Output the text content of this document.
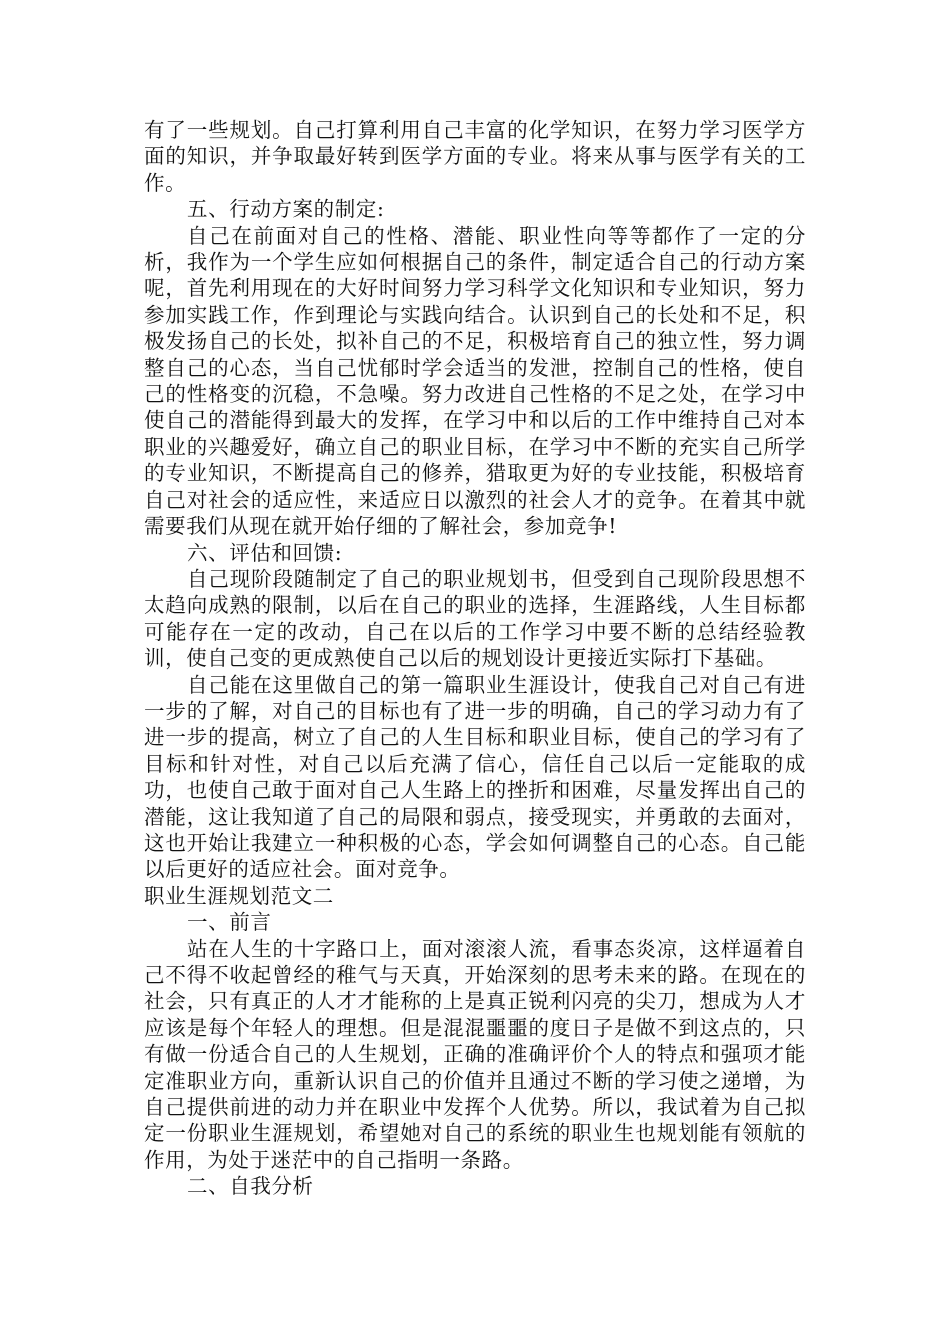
有了一些规划。自己打算利用自己丰富的化学知识，在努力学习医学方面的知识，并争取最好转到医学方面的专业。将来从事与医学有关的工作。

五、行动方案的制定:

自己在前面对自己的性格、潜能、职业性向等等都作了一定的分析，我作为一个学生应如何根据自己的条件，制定适合自己的行动方案呢，首先利用现在的大好时间努力学习科学文化知识和专业知识，努力参加实践工作，作到理论与实践向结合。认识到自己的长处和不足，积极发扬自己的长处，拟补自己的不足，积极培育自己的独立性，努力调整自己的心态，当自己忧郁时学会适当的发泄，控制自己的性格，使自己的性格变的沉稳，不急噪。努力改进自己性格的不足之处，在学习中使自己的潜能得到最大的发挥，在学习中和以后的工作中维持自己对本职业的兴趣爱好，确立自己的职业目标，在学习中不断的充实自己所学的专业知识，不断提高自己的修养，猎取更为好的专业技能，积极培育自己对社会的适应性，来适应日以激烈的社会人才的竞争。在着其中就需要我们从现在就开始仔细的了解社会，参加竞争!

六、评估和回馈:

自己现阶段随制定了自己的职业规划书，但受到自己现阶段思想不太趋向成熟的限制，以后在自己的职业的选择，生涯路线，人生目标都可能存在一定的改动，自己在以后的工作学习中要不断的总结经验教训，使自己变的更成熟使自己以后的规划设计更接近实际打下基础。

自己能在这里做自己的第一篇职业生涯设计，使我自己对自己有进一步的了解，对自己的目标也有了进一步的明确，自己的学习动力有了进一步的提高，树立了自己的人生目标和职业目标，使自己的学习有了目标和针对性，对自己以后充满了信心，信任自己以后一定能取的成功，也使自己敢于面对自己人生路上的挫折和困难，尽量发挥出自己的潜能，这让我知道了自己的局限和弱点，接受现实，并勇敢的去面对，这也开始让我建立一种积极的心态，学会如何调整自己的心态。自己能以后更好的适应社会。面对竞争。

职业生涯规划范文二

一、前言

站在人生的十字路口上，面对滚滚人流，看事态炎凉，这样逼着自己不得不收起曾经的稚气与天真，开始深刻的思考未来的路。在现在的社会，只有真正的人才才能称的上是真正锐利闪亮的尖刀，想成为人才应该是每个年轻人的理想。但是混混噩噩的度日子是做不到这点的，只有做一份适合自己的人生规划，正确的准确评价个人的特点和强项才能定准职业方向，重新认识自己的价值并且通过不断的学习使之递增，为自己提供前进的动力并在职业中发挥个人优势。所以，我试着为自己拟定一份职业生涯规划，希望她对自己的系统的职业生也规划能有领航的作用，为处于迷茫中的自己指明一条路。

二、自我分析
